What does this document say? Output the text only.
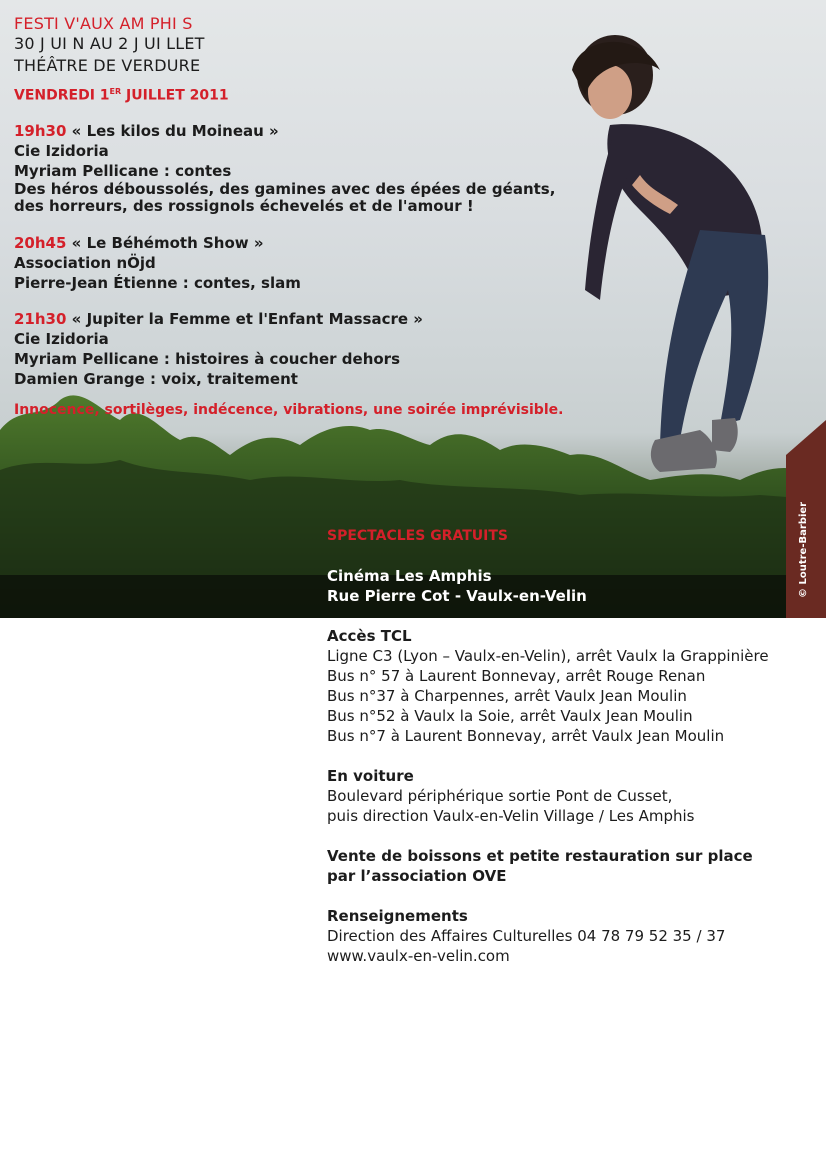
© Loutre-Barbier
FESTI V'AUX AM PHI S
30 J UI N AU 2 J UI LLET
THÉÂTRE DE VERDURE
VENDREDI 1ER JUILLET 2011
19h30 « Les kilos du Moineau »
Cie Izidoria
Myriam Pellicane : contes
Des héros déboussolés, des gamines avec des épées de géants,
des horreurs, des rossignols échevelés et de l'amour !
20h45 « Le Béhémoth Show »
Association nÖjd
Pierre-Jean Étienne : contes, slam
21h30 « Jupiter la Femme et l'Enfant Massacre »
Cie Izidoria
Myriam Pellicane : histoires à coucher dehors
Damien Grange : voix, traitement
Innocence, sortilèges, indécence, vibrations, une soirée imprévisible.
SPECTACLES GRATUITS
Cinéma Les Amphis
Rue Pierre Cot - Vaulx-en-Velin
Accès TCL
Ligne C3 (Lyon – Vaulx-en-Velin), arrêt Vaulx la Grappinière
Bus n° 57 à Laurent Bonnevay, arrêt Rouge Renan
Bus n°37 à Charpennes, arrêt Vaulx Jean Moulin
Bus n°52 à Vaulx la Soie, arrêt Vaulx Jean Moulin
Bus n°7 à Laurent Bonnevay, arrêt Vaulx Jean Moulin
En voiture
Boulevard périphérique sortie Pont de Cusset,
puis direction Vaulx-en-Velin Village / Les Amphis
Vente de boissons et petite restauration sur place
par l’association OVE
Renseignements
Direction des Affaires Culturelles 04 78 79 52 35 / 37
www.vaulx-en-velin.com
